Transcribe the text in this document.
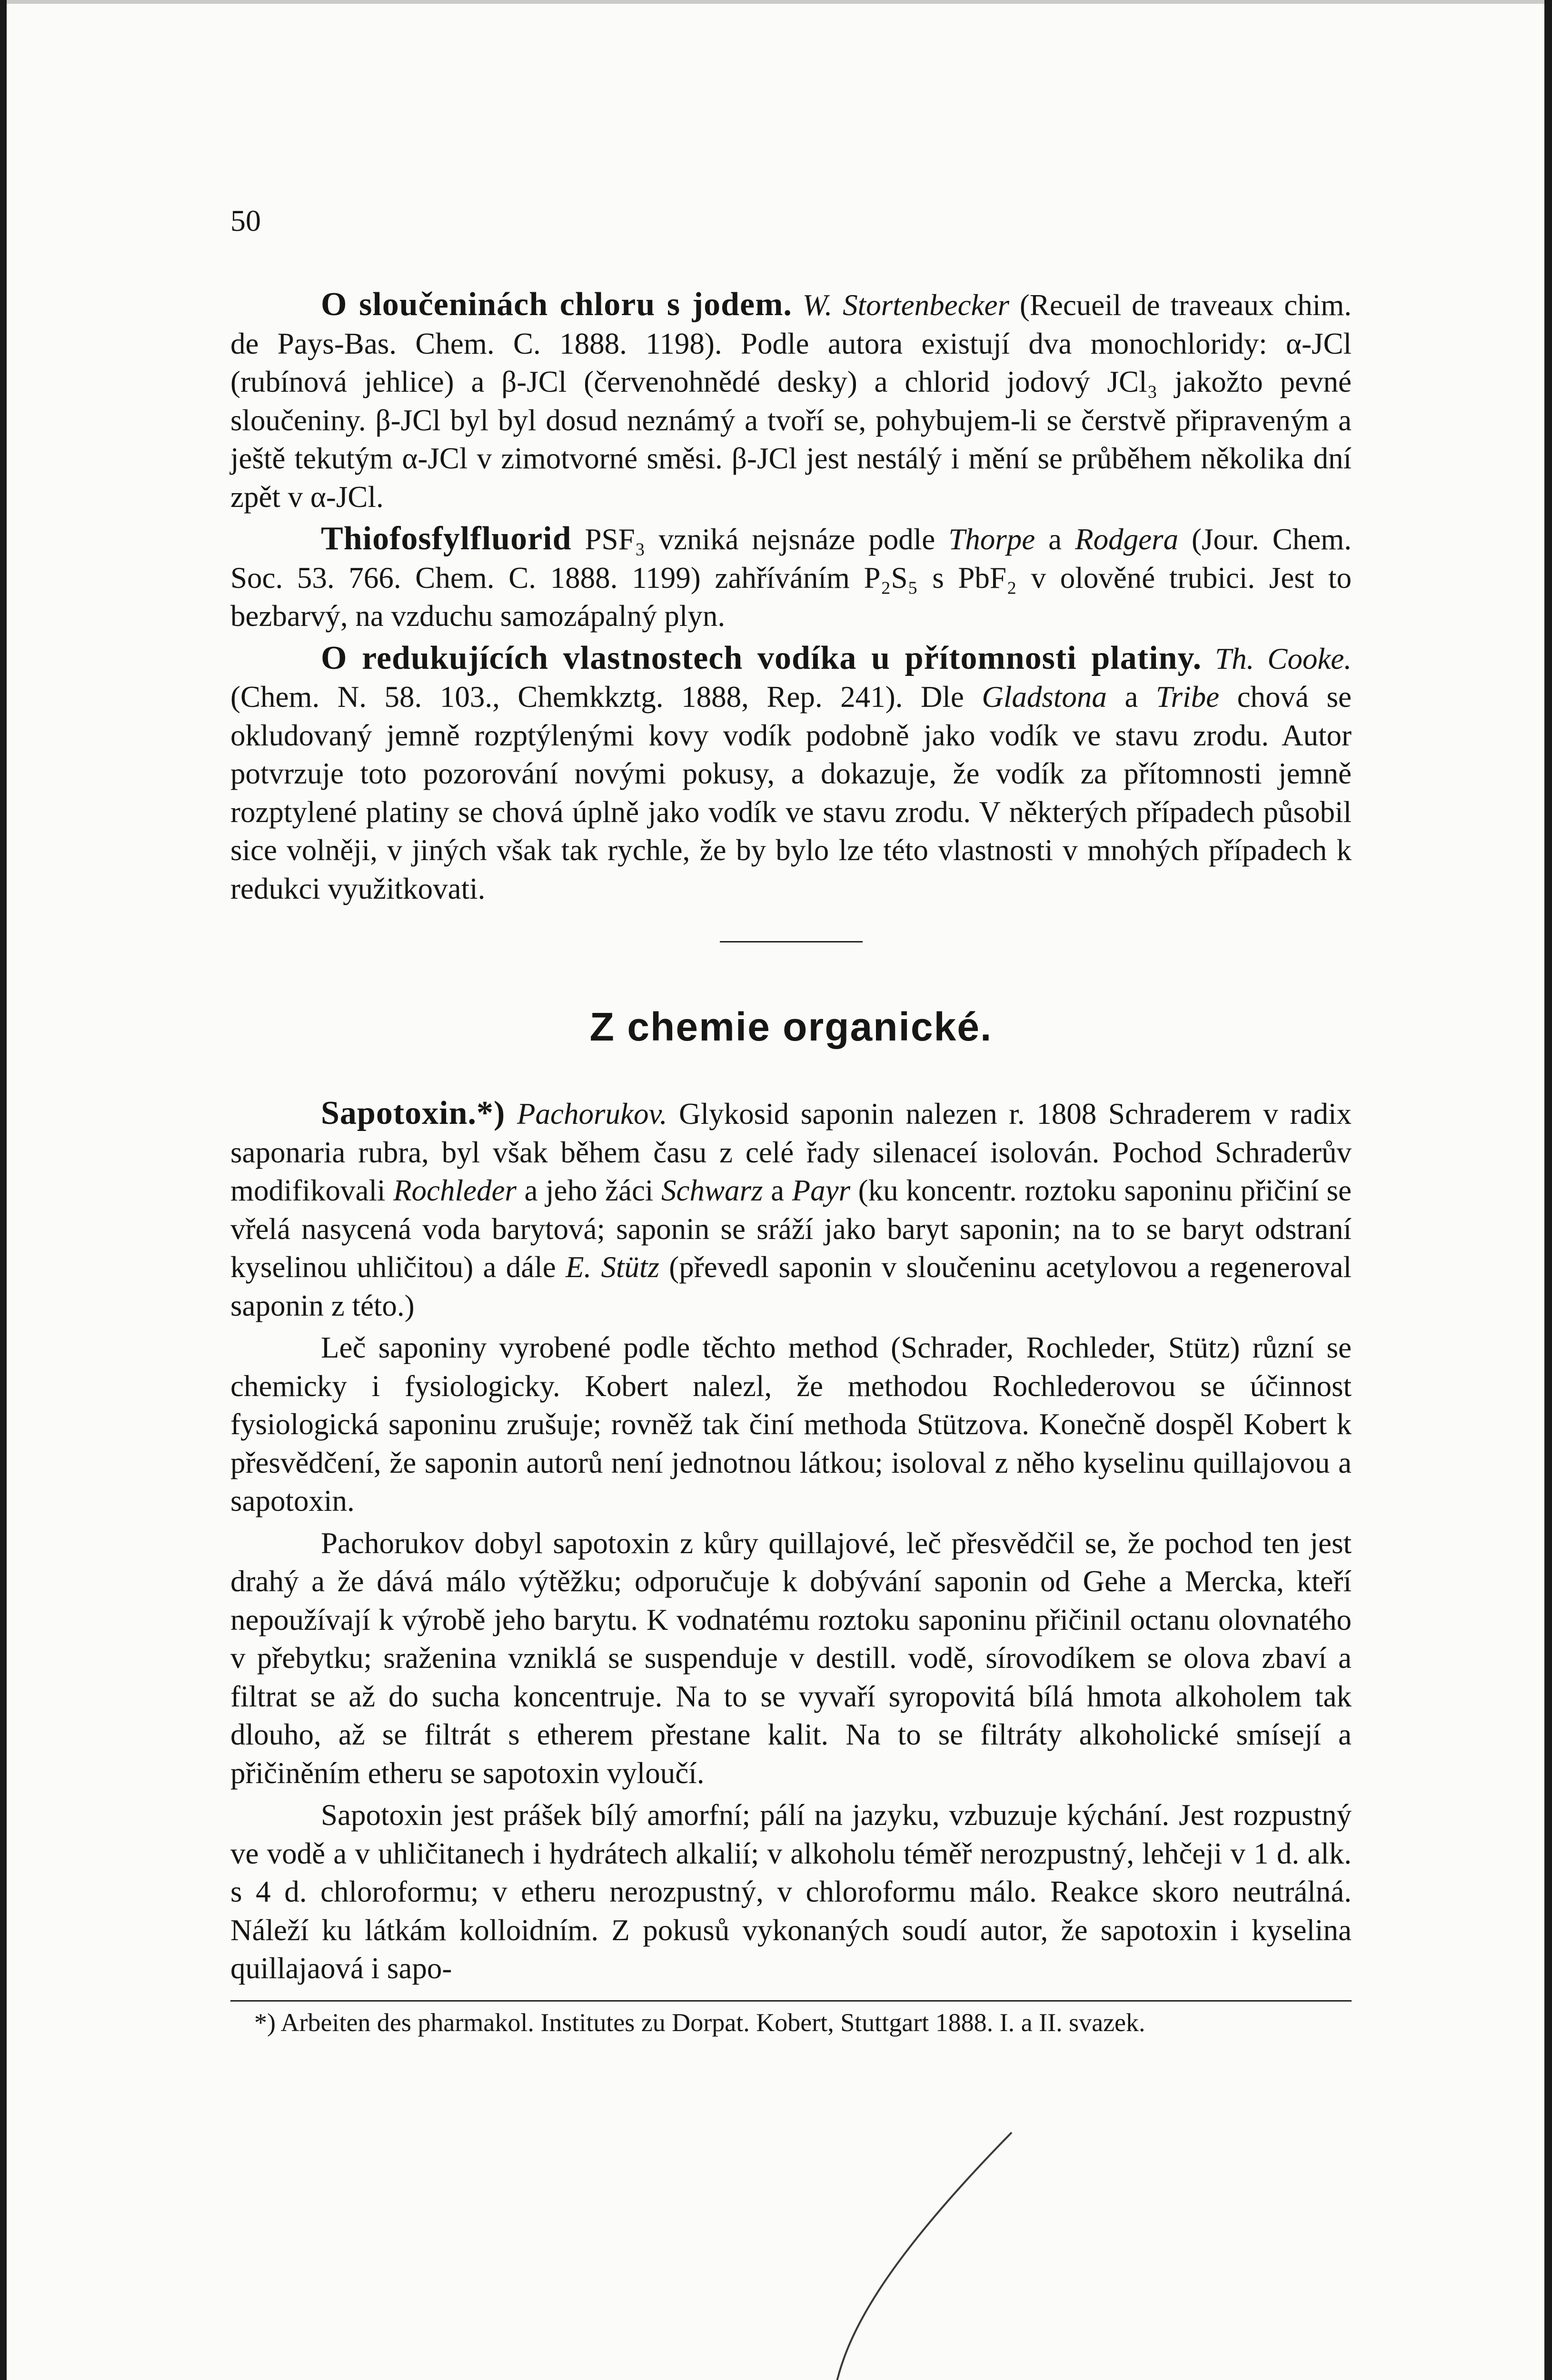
50

O sloučeninách chloru s jodem. W. Stortenbecker (Recueil de traveaux chim. de Pays-Bas. Chem. C. 1888. 1198). Podle autora existují dva monochloridy: α-JCl (rubínová jehlice) a β-JCl (červenohnědé desky) a chlorid jodový JCl₃ jakožto pevné sloučeniny. β-JCl byl byl dosud neznámý a tvoří se, pohybujem-li se čerstvě připraveným a ještě tekutým α-JCl v zimotvorné směsi. β-JCl jest nestálý i mění se průběhem několika dní zpět v α-JCl.

Thiofosfylfluorid PSF₃ vzniká nejsnáze podle Thorpe a Rodgera (Jour. Chem. Soc. 53. 766. Chem. C. 1888. 1199) zahříváním P₂S₅ s PbF₂ v olověné trubici. Jest to bezbarvý, na vzduchu samozápalný plyn.

O redukujících vlastnostech vodíka u přítomnosti platiny. Th. Cooke. (Chem. N. 58. 103., Chemkkztg. 1888, Rep. 241). Dle Gladstona a Tribe chová se okludovaný jemně rozptýlenými kovy vodík podobně jako vodík ve stavu zrodu. Autor potvrzuje toto pozorování novými pokusy, a dokazuje, že vodík za přítomnosti jemně rozptylené platiny se chová úplně jako vodík ve stavu zrodu. V některých případech působil sice volněji, v jiných však tak rychle, že by bylo lze této vlastnosti v mnohých případech k redukci využitkovati.

Z chemie organické.

Sapotoxin.*) Pachorukov. Glykosid saponin nalezen r. 1808 Schraderem v radix saponaria rubra, byl však během času z celé řady silenaceí isolován. Pochod Schraderův modifikovali Rochleder a jeho žáci Schwarz a Payr (ku koncentr. roztoku saponinu přičiní se vřelá nasycená voda barytová; saponin se sráží jako baryt saponin; na to se baryt odstraní kyselinou uhličitou) a dále E. Stütz (převedl saponin v sloučeninu acetylovou a regeneroval saponin z této.)

Leč saponiny vyrobené podle těchto method (Schrader, Rochleder, Stütz) různí se chemicky i fysiologicky. Kobert nalezl, že methodou Rochlederovou se účinnost fysiologická saponinu zrušuje; rovněž tak činí methoda Stützova. Konečně dospěl Kobert k přesvědčení, že saponin autorů není jednotnou látkou; isoloval z něho kyselinu quillajovou a sapotoxin.

Pachorukov dobyl sapotoxin z kůry quillajové, leč přesvědčil se, že pochod ten jest drahý a že dává málo výtěžku; odporučuje k dobývání saponin od Gehe a Mercka, kteří nepoužívají k výrobě jeho barytu. K vodnatému roztoku saponinu přičinil octanu olovnatého v přebytku; sraženina vzniklá se suspenduje v destill. vodě, sírovodíkem se olova zbaví a filtrat se až do sucha koncentruje. Na to se vyvaří syropovitá bílá hmota alkoholem tak dlouho, až se filtrát s etherem přestane kalit. Na to se filtráty alkoholické smísejí a přičiněním etheru se sapotoxin vyloučí.

Sapotoxin jest prášek bílý amorfní; pálí na jazyku, vzbuzuje kýchání. Jest rozpustný ve vodě a v uhličitanech i hydrátech alkalií; v alkoholu téměř nerozpustný, lehčeji v 1 d. alk. s 4 d. chloroformu; v etheru nerozpustný, v chloroformu málo. Reakce skoro neutrálná. Náleží ku látkám kolloidním. Z pokusů vykonaných soudí autor, že sapotoxin i kyselina quillajaová i sapo-

*) Arbeiten des pharmakol. Institutes zu Dorpat. Kobert, Stuttgart 1888. I. a II. svazek.
